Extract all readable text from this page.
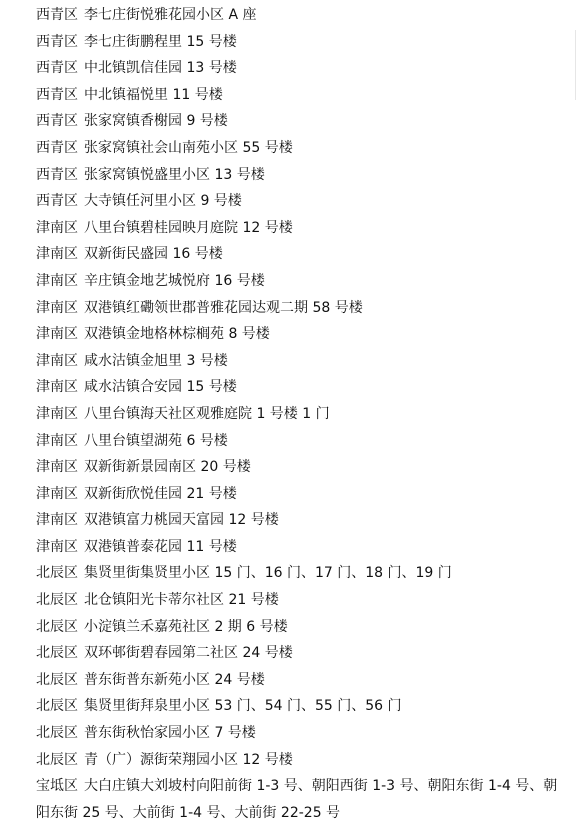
西青区 李七庄街悦雅花园小区 A 座
西青区 李七庄街鹏程里 15 号楼
西青区 中北镇凯信佳园 13 号楼
西青区 中北镇福悦里 11 号楼
西青区 张家窝镇香榭园 9 号楼
西青区 张家窝镇社会山南苑小区 55 号楼
西青区 张家窝镇悦盛里小区 13 号楼
西青区 大寺镇任河里小区 9 号楼
津南区 八里台镇碧桂园映月庭院 12 号楼
津南区 双新街民盛园 16 号楼
津南区 辛庄镇金地艺城悦府 16 号楼
津南区 双港镇红磡领世郡普雅花园达观二期 58 号楼
津南区 双港镇金地格林棕榈苑 8 号楼
津南区 咸水沽镇金旭里 3 号楼
津南区 咸水沽镇合安园 15 号楼
津南区 八里台镇海天社区观雅庭院 1 号楼 1 门
津南区 八里台镇望湖苑 6 号楼
津南区 双新街新景园南区 20 号楼
津南区 双新街欣悦佳园 21 号楼
津南区 双港镇富力桃园天富园 12 号楼
津南区 双港镇普泰花园 11 号楼
北辰区 集贤里街集贤里小区 15 门、16 门、17 门、18 门、19 门
北辰区 北仓镇阳光卡蒂尔社区 21 号楼
北辰区 小淀镇兰禾嘉苑社区 2 期 6 号楼
北辰区 双环邨街碧春园第二社区 24 号楼
北辰区 普东街普东新苑小区 24 号楼
北辰区 集贤里街拜泉里小区 53 门、54 门、55 门、56 门
北辰区 普东街秋怡家园小区 7 号楼
北辰区 青（广）源街荣翔园小区 12 号楼
宝坻区 大白庄镇大刘坡村向阳前街 1-3 号、朝阳西街 1-3 号、朝阳东街 1-4 号、朝阳东街 25 号、大前街 1-4 号、大前街 22-25 号
